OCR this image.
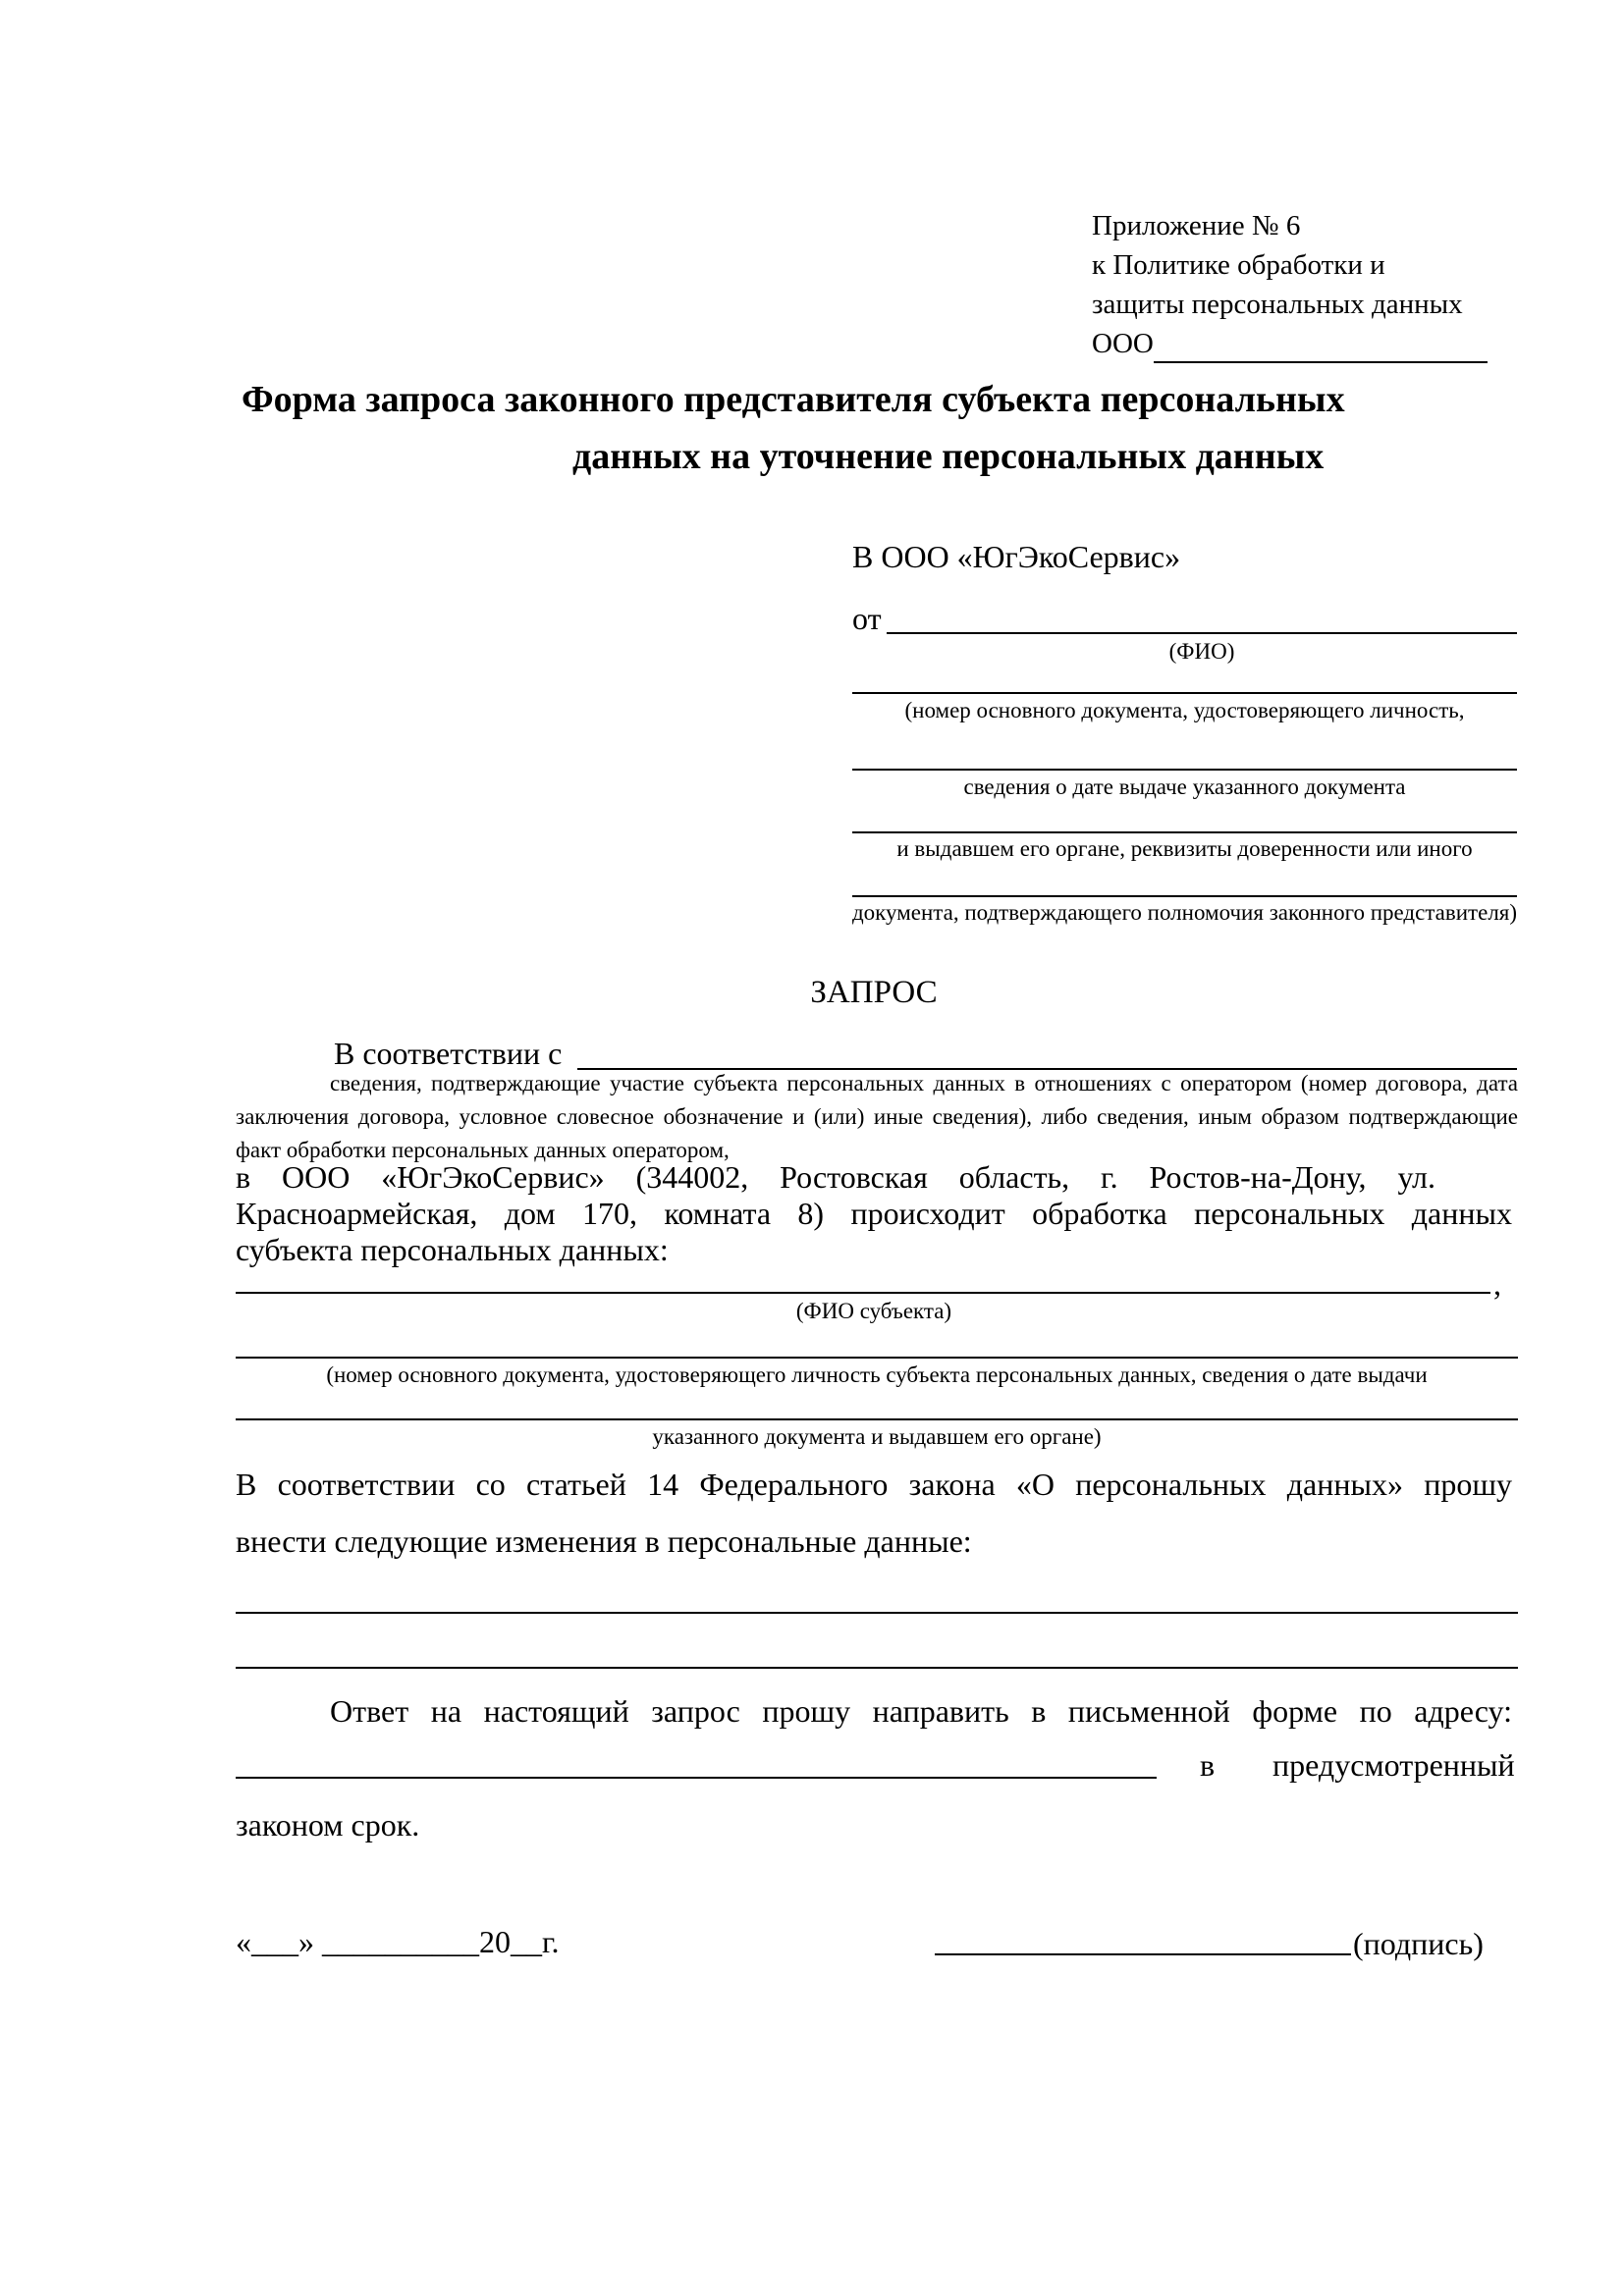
Приложение № 6
к Политике обработки и
защиты персональных данных
ООО
Форма запроса законного представителя субъекта персональных
данных на уточнение персональных данных
В ООО «ЮгЭкоСервис»
от
(ФИО)
(номер основного документа, удостоверяющего личность,
сведения о дате выдаче указанного документа
и выдавшем его органе, реквизиты доверенности или иного
документа, подтверждающего полномочия законного представителя)
ЗАПРОС
В соответствии с
сведения, подтверждающие участие субъекта персональных данных в отношениях с оператором (номер договора, дата заключения договора, условное словесное обозначение и (или) иные сведения), либо сведения, иным образом подтверждающие факт обработки персональных данных оператором,
в ООО «ЮгЭкоСервис» (344002, Ростовская область, г. Ростов-на-Дону, ул.
Красноармейская, дом 170, комната 8) происходит обработка персональных данных
субъекта персональных данных:
,
(ФИО субъекта)
(номер основного документа, удостоверяющего личность субъекта персональных данных, сведения о дате выдачи
указанного документа и выдавшем его органе)
В соответствии со статьей 14 Федерального закона «О персональных данных» прошу
внести следующие изменения в персональные данные:
Ответ на настоящий запрос прошу направить в письменной форме по адресу:
в предусмотренный
законом срок.
«___» __________20__г.	(подпись)
